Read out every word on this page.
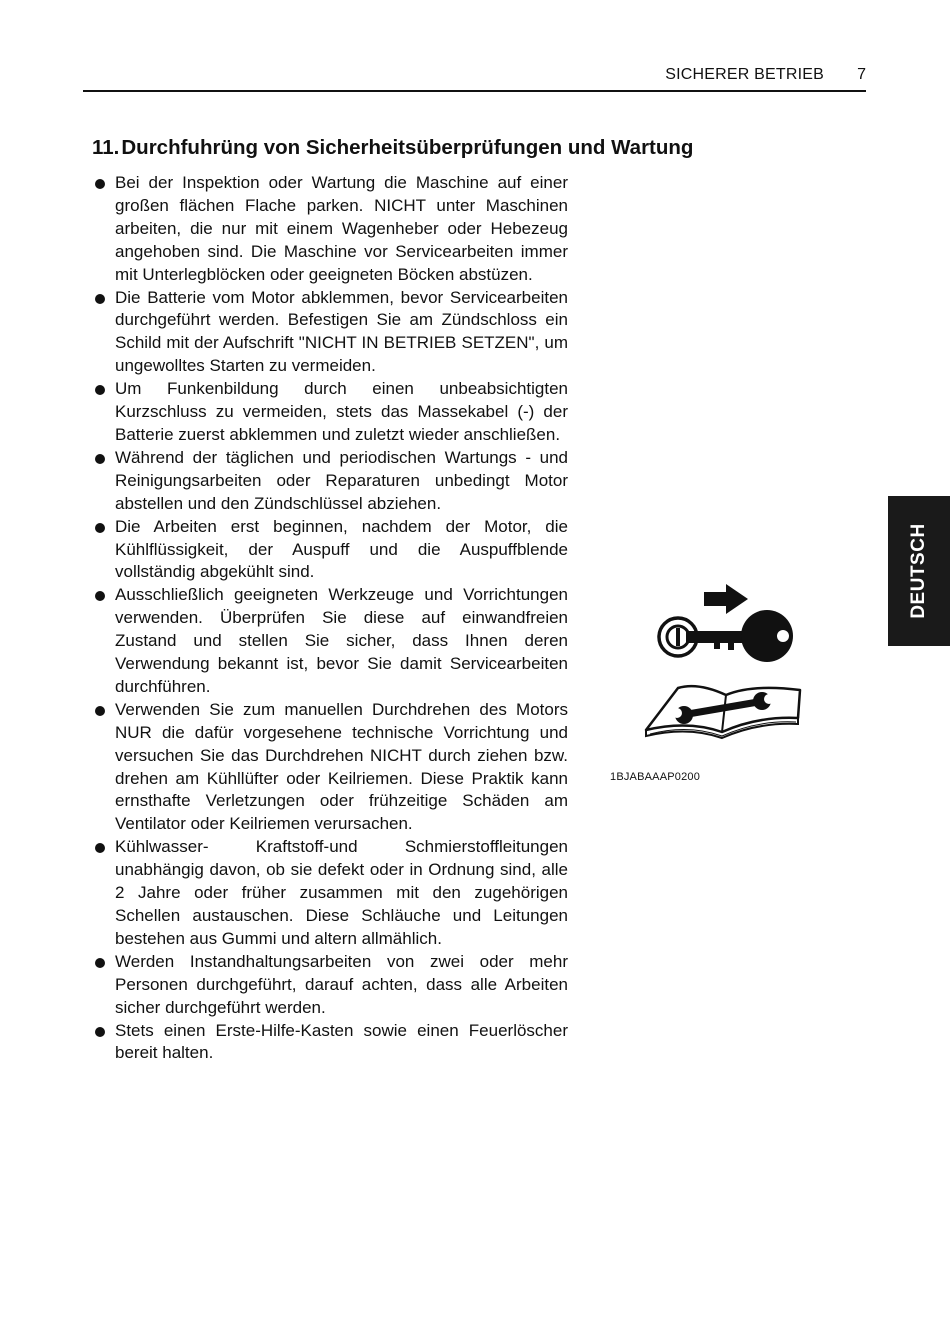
SICHERER BETRIEB 7
11.Durchfuhrüng von Sicherheitsüberprüfungen und Wartung
Bei der Inspektion oder Wartung die Maschine auf einer großen flächen Flache parken. NICHT unter Maschinen arbeiten, die nur mit einem Wagenheber oder Hebezeug angehoben sind. Die Maschine vor Servicearbeiten immer mit Unterlegblöcken oder geeigneten Böcken abstüzen.
Die Batterie vom Motor abklemmen, bevor Servicearbeiten durchgeführt werden. Befestigen Sie am Zündschloss ein Schild mit der Aufschrift "NICHT IN BETRIEB SETZEN", um ungewolltes Starten zu vermeiden.
Um Funkenbildung durch einen unbeabsichtigten Kurzschluss zu vermeiden, stets das Massekabel (-) der Batterie zuerst abklemmen und zuletzt wieder anschließen.
Während der täglichen und periodischen Wartungs - und Reinigungsarbeiten oder Reparaturen unbedingt Motor abstellen und den Zündschlüssel abziehen.
Die Arbeiten erst beginnen, nachdem der Motor, die Kühlflüssigkeit, der Auspuff und die Auspuffblende vollständig abgekühlt sind.
Ausschließlich geeigneten Werkzeuge und Vorrichtungen verwenden. Überprüfen Sie diese auf einwandfreien Zustand und stellen Sie sicher, dass Ihnen deren Verwendung bekannt ist, bevor Sie damit Servicearbeiten durchführen.
Verwenden Sie zum manuellen Durchdrehen des Motors NUR die dafür vorgesehene technische Vorrichtung und versuchen Sie das Durchdrehen NICHT durch ziehen bzw. drehen am Kühllüfter oder Keilriemen. Diese Praktik kann ernsthafte Verletzungen oder frühzeitige Schäden am Ventilator oder Keilriemen verursachen.
Kühlwasser- Kraftstoff-und Schmierstoffleitungen unabhängig davon, ob sie defekt oder in Ordnung sind, alle 2 Jahre oder früher zusammen mit den zugehörigen Schellen austauschen. Diese Schläuche und Leitungen bestehen aus Gummi und altern allmählich.
Werden Instandhaltungsarbeiten von zwei oder mehr Personen durchgeführt, darauf achten, dass alle Arbeiten sicher durchgeführt werden.
Stets einen Erste-Hilfe-Kasten sowie einen Feuerlöscher bereit halten.
DEUTSCH
1BJABAAAP0200
